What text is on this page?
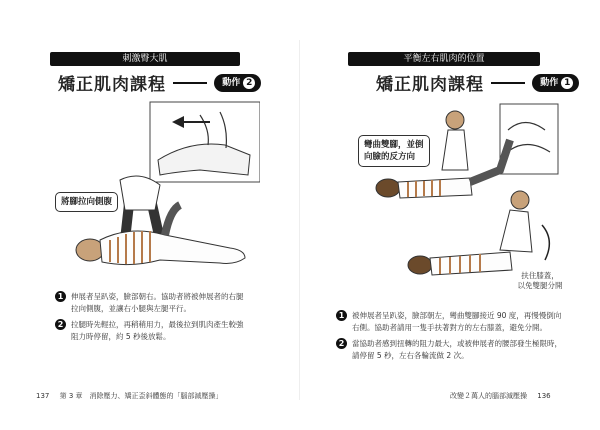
刺激臀大肌
矯正肌肉課程	動作 2
將腳拉向側腹
1	伸展者呈趴姿，臉部朝右。協助者將被伸展者的右腿拉向側腹，並讓右小腿與左腿平行。
2	拉腿時先輕拉，再稍稍用力，最後拉到肌肉產生較強阻力時停留，約 5 秒後放鬆。
137 第 3 章　消除壓力、矯正歪斜體態的「腦部減壓操」
平衡左右肌肉的位置
矯正肌肉課程	動作 1
彎曲雙腳，並倒
向臉的反方向
扶住膝蓋，
以免雙腿分開
1	被伸展者呈趴姿，臉部朝左，彎曲雙腳接近 90 度，再慢慢倒向右側。協助者請用一隻手扶著對方的左右膝蓋，避免分開。
2	當協助者感到扭轉的阻力最大，或被伸展者的腰部發生極限時，請停留 5 秒，左右各輪流做 2 次。
改變２萬人的腦部減壓操 136
